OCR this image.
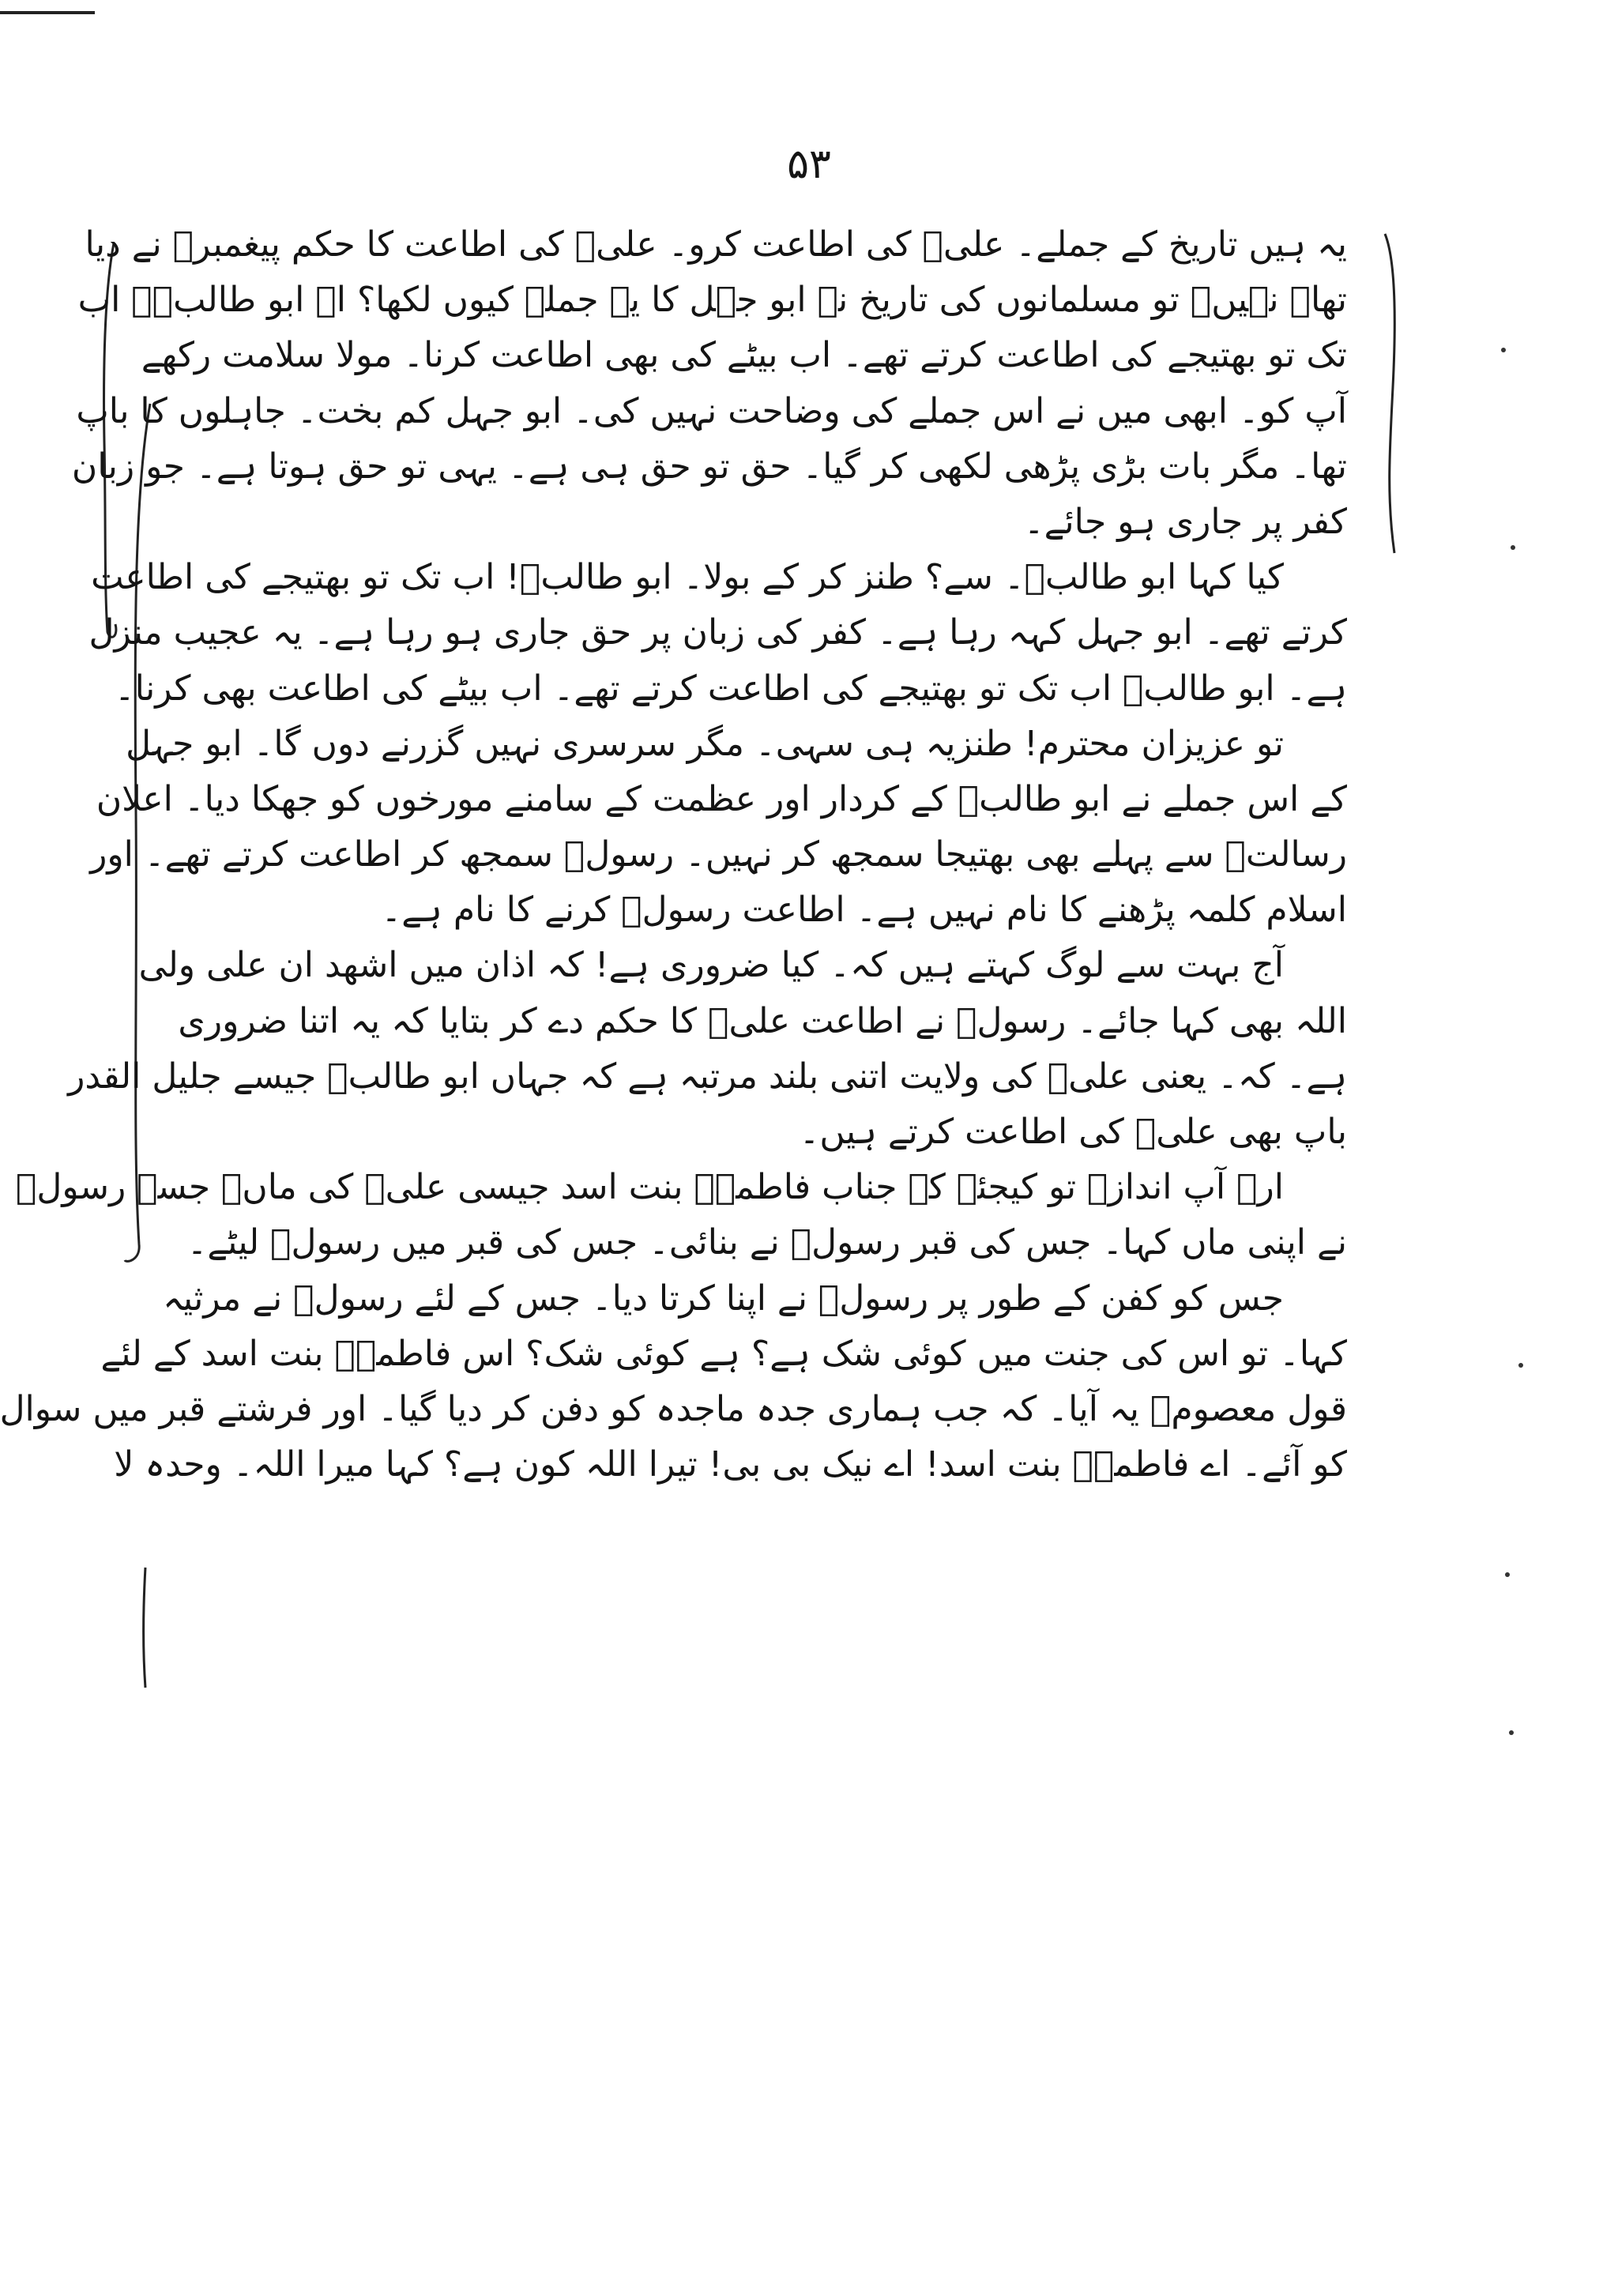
۵۳
یہ ہیں تاریخ کے جملے۔ علیؑ کی اطاعت کرو۔ علیؑ کی اطاعت کا حکم پیغمبرؐ نے دیا
تھا۔ نہیں۔ تو مسلمانوں کی تاریخ نے ابو جہل کا یہ جملہ کیوں لکھا؟ اے ابو طالبؑ۔ اب
تک تو بھتیجے کی اطاعت کرتے تھے۔ اب بیٹے کی بھی اطاعت کرنا۔ مولا سلامت رکھے
آپ کو۔ ابھی میں نے اس جملے کی وضاحت نہیں کی۔ ابو جہل کم بخت۔ جاہلوں کا باپ
تھا۔ مگر بات بڑی پڑھی لکھی کر گیا۔ حق تو حق ہی ہے۔ یہی تو حق ہوتا ہے۔ جو زبان
کفر پر جاری ہو جائے۔
کیا کہا ابو طالبؑ۔ سے؟ طنز کر کے بولا۔ ابو طالبؑ! اب تک تو بھتیجے کی اطاعت
کرتے تھے۔ ابو جہل کہہ رہا ہے۔ کفر کی زبان پر حق جاری ہو رہا ہے۔ یہ عجیب منزل
ہے۔ ابو طالبؑ اب تک تو بھتیجے کی اطاعت کرتے تھے۔ اب بیٹے کی اطاعت بھی کرنا۔
تو عزیزان محترم! طنزیہ ہی سہی۔ مگر سرسری نہیں گزرنے دوں گا۔ ابو جہل
کے اس جملے نے ابو طالبؑ کے کردار اور عظمت کے سامنے مورخوں کو جھکا دیا۔ اعلان
رسالتؐ سے پہلے بھی بھتیجا سمجھ کر نہیں۔ رسولؐ سمجھ کر اطاعت کرتے تھے۔ اور
اسلام کلمہ پڑھنے کا نام نہیں ہے۔ اطاعت رسولؐ کرنے کا نام ہے۔
آج بہت سے لوگ کہتے ہیں کہ۔ کیا ضروری ہے! کہ اذان میں اشھد ان علی ولی
اللہ بھی کہا جائے۔ رسولؐ نے اطاعت علیؑ کا حکم دے کر بتایا کہ یہ اتنا ضروری
ہے۔ کہ۔ یعنی علیؑ کی ولایت اتنی بلند مرتبہ ہے کہ جہاں ابو طالبؑ جیسے جلیل القدر
باپ بھی علیؑ کی اطاعت کرتے ہیں۔
ارے آپ اندازہ تو کیجئے کہ جناب فاطمہؑ بنت اسد جیسی علیؑ کی ماں۔ جسے رسولؐ
نے اپنی ماں کہا۔ جس کی قبر رسولؐ نے بنائی۔ جس کی قبر میں رسولؐ لیٹے۔
جس کو کفن کے طور پر رسولؐ نے اپنا کرتا دیا۔ جس کے لئے رسولؐ نے مرثیہ
کہا۔ تو اس کی جنت میں کوئی شک ہے؟ ہے کوئی شک؟ اس فاطمہؑ بنت اسد کے لئے
قول معصومؑ یہ آیا۔ کہ جب ہماری جدہ ماجدہ کو دفن کر دیا گیا۔ اور فرشتے قبر میں سوال
کو آئے۔ اے فاطمہؑ بنت اسد! اے نیک بی بی! تیرا اللہ کون ہے؟ کہا میرا اللہ۔ وحدہ لا
